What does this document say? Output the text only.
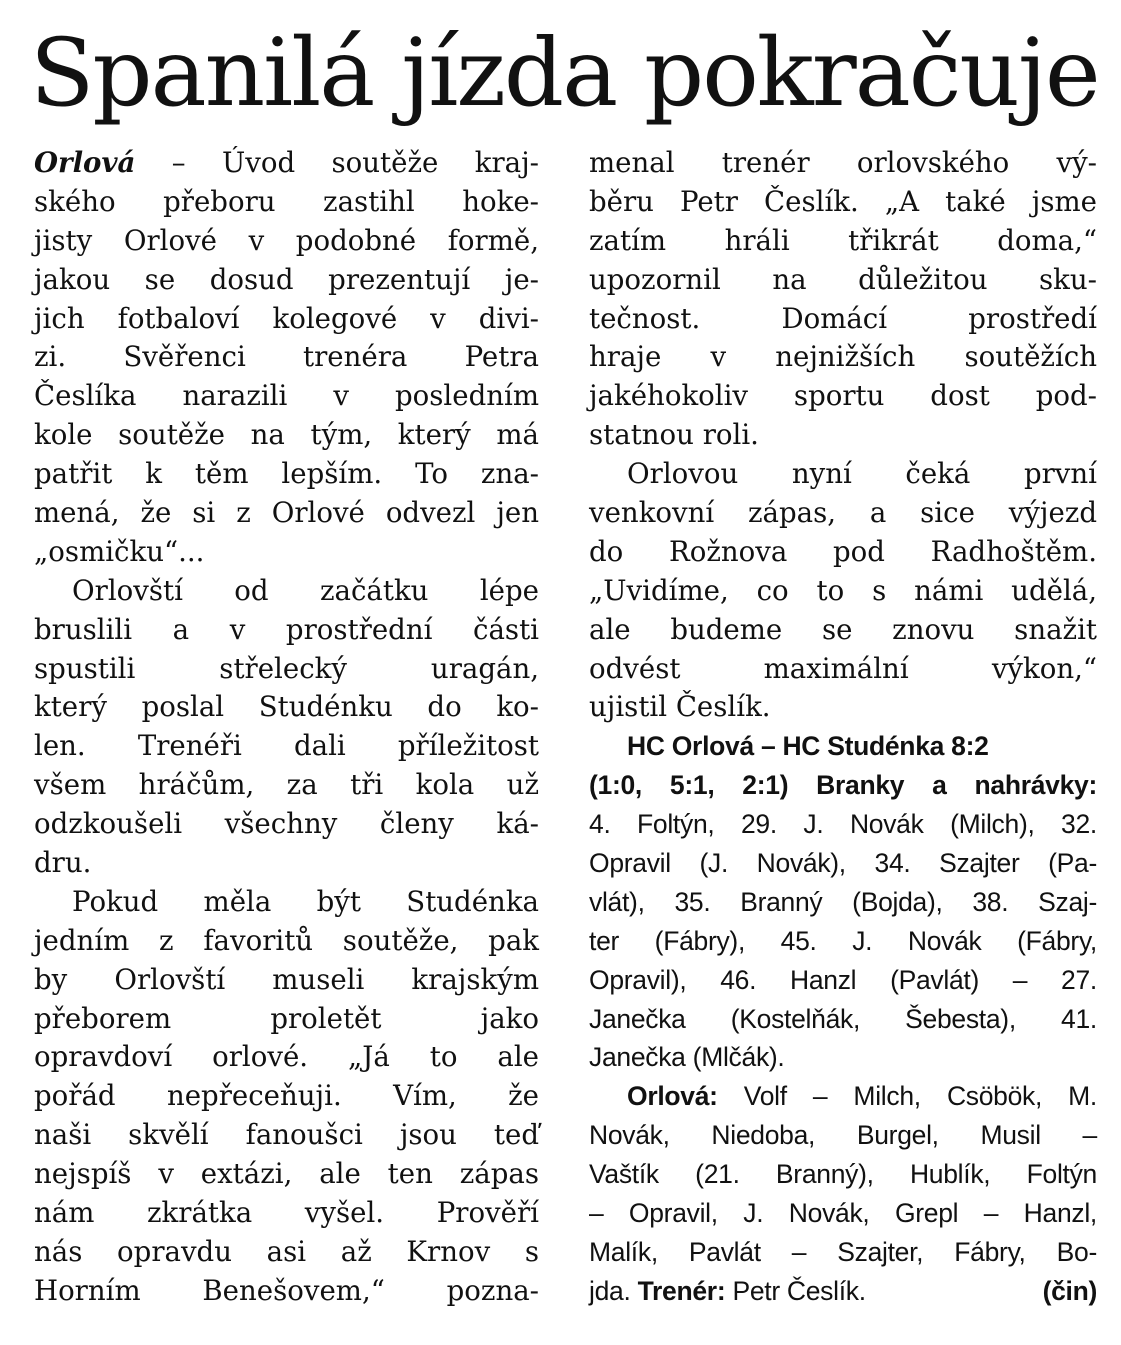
Spanilá jízda pokračuje
Orlová – Úvod soutěže kraj-
ského přeboru zastihl hoke-
jisty Orlové v podobné formě,
jakou se dosud prezentují je-
jich fotbaloví kolegové v divi-
zi. Svěřenci trenéra Petra
Česlíka narazili v posledním
kole soutěže na tým, který má
patřit k těm lepším. To zna-
mená, že si z Orlové odvezl jen
„osmičku“...
Orlovští od začátku lépe
bruslili a v prostřední části
spustili střelecký uragán,
který poslal Studénku do ko-
len. Trenéři dali příležitost
všem hráčům, za tři kola už
odzkoušeli všechny členy ká-
dru.
Pokud měla být Studénka
jedním z favoritů soutěže, pak
by Orlovští museli krajským
přeborem proletět jako
opravdoví orlové. „Já to ale
pořád nepřeceňuji. Vím, že
naši skvělí fanoušci jsou teď
nejspíš v extázi, ale ten zápas
nám zkrátka vyšel. Prověří
nás opravdu asi až Krnov s
Horním Benešovem,“ pozna-
menal trenér orlovského vý-
běru Petr Česlík. „A také jsme
zatím hráli třikrát doma,“
upozornil na důležitou sku-
tečnost. Domácí prostředí
hraje v nejnižších soutěžích
jakéhokoliv sportu dost pod-
statnou roli.
Orlovou nyní čeká první
venkovní zápas, a sice výjezd
do Rožnova pod Radhoštěm.
„Uvidíme, co to s námi udělá,
ale budeme se znovu snažit
odvést maximální výkon,“
ujistil Česlík.
HC Orlová – HC Studénka 8:2
(1:0, 5:1, 2:1) Branky a nahrávky:
4. Foltýn, 29. J. Novák (Milch), 32.
Opravil (J. Novák), 34. Szajter (Pa-
vlát), 35. Branný (Bojda), 38. Szaj-
ter (Fábry), 45. J. Novák (Fábry,
Opravil), 46. Hanzl (Pavlát) – 27.
Janečka (Kostelňák, Šebesta), 41.
Janečka (Mlčák).
Orlová: Volf – Milch, Csöbök, M.
Novák, Niedoba, Burgel, Musil –
Vaštík (21. Branný), Hublík, Foltýn
– Opravil, J. Novák, Grepl – Hanzl,
Malík, Pavlát – Szajter, Fábry, Bo-
jda. Trenér: Petr Česlík.	(čin)
